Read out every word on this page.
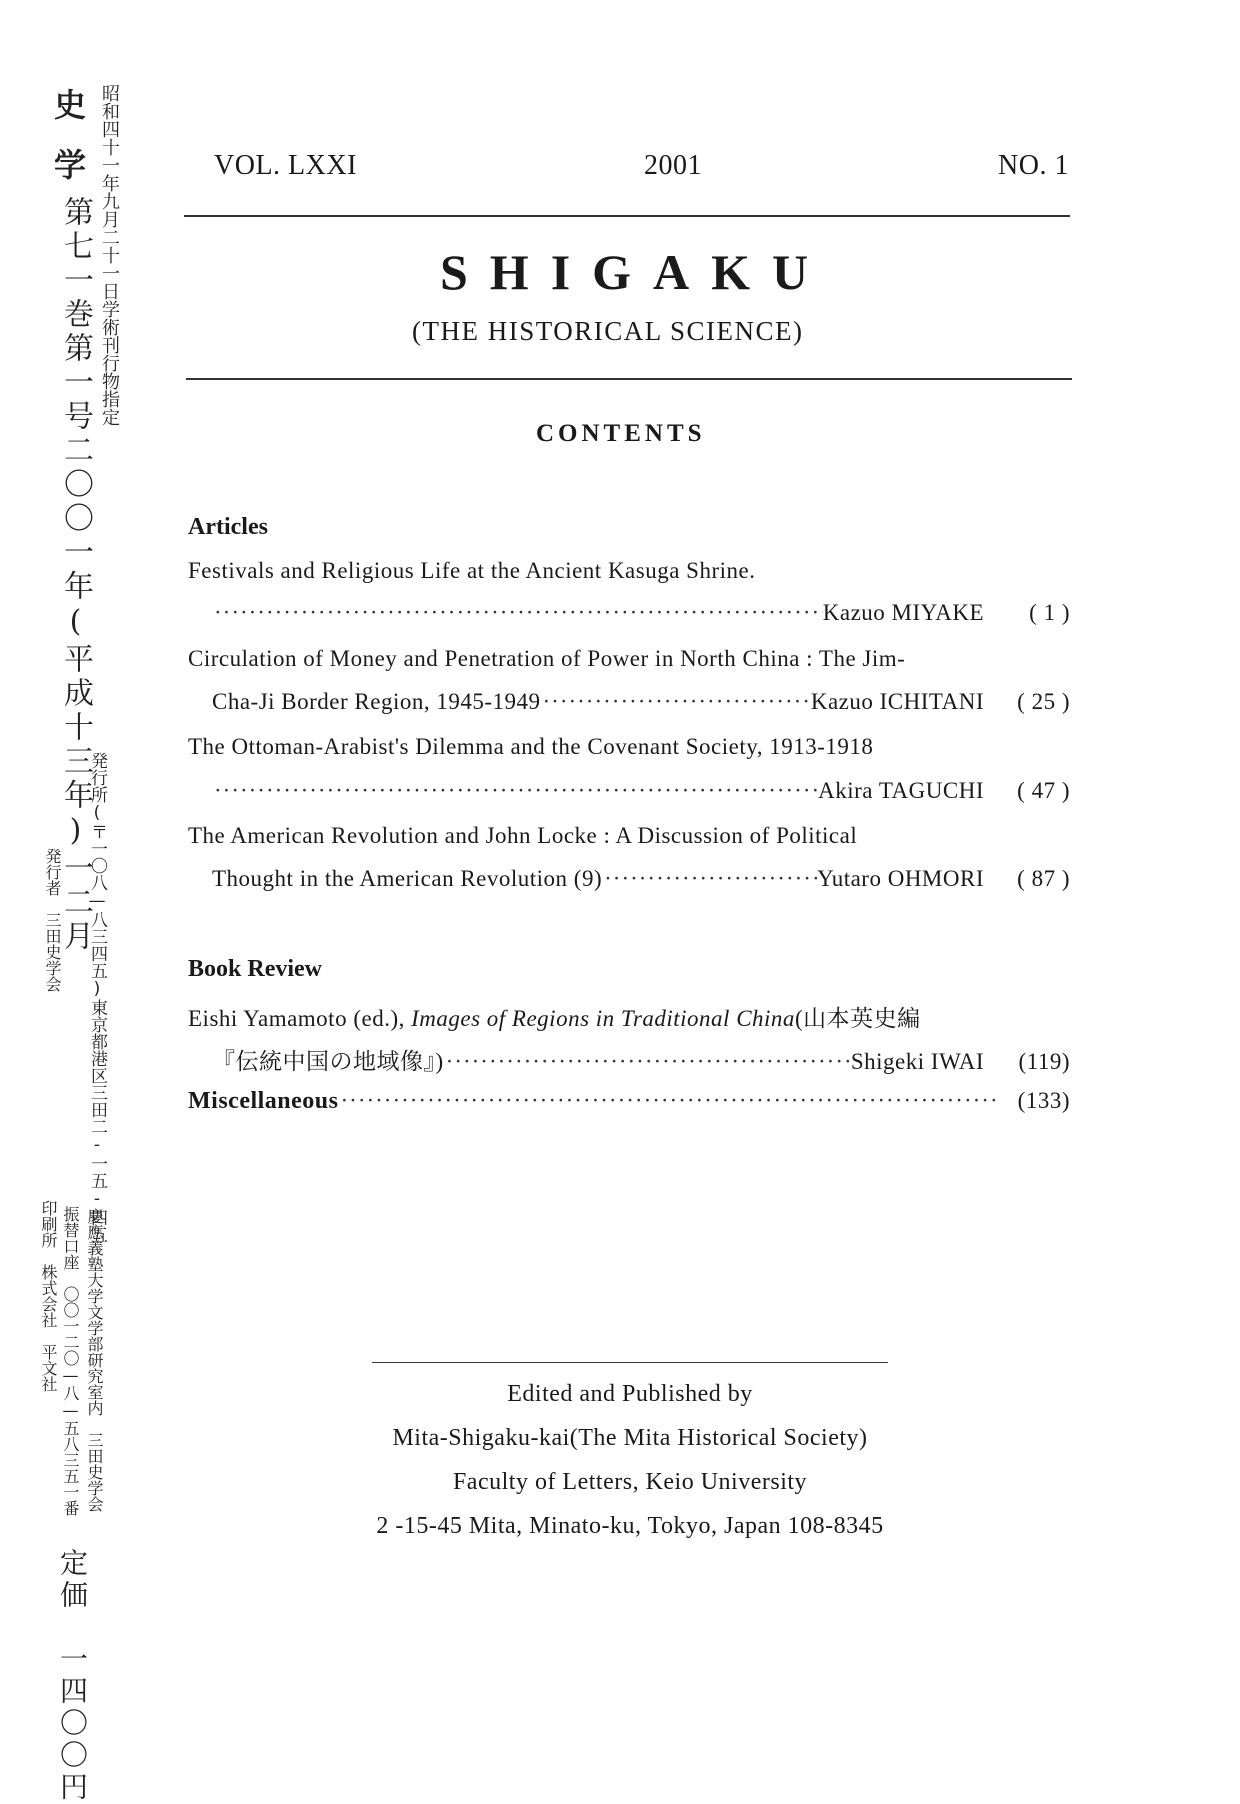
史学 昭和四十一年九月二十一日学術刊行物指定
第七一巻第一号二〇〇一年(平成十三年)一二月
発行所(〒一〇八—八三四五)東京都港区三田二-一五-四五
発行者　三田史学会
慶應義塾大学文学部研究室内　三田史学会
振替口座　〇〇一二〇—八—五八三五一番
印刷所　株式会社　平文社
定価　一四〇〇円
VOL. LXXI	2001	NO. 1
SHIGAKU
(THE HISTORICAL SCIENCE)
CONTENTS
Articles
Festivals and Religious Life at the Ancient Kasuga Shrine.
·····
Kazuo MIYAKE	( 1 )
Circulation of Money and Penetration of Power in North China : The Jim-
Cha-Ji Border Region, 1945-1949 ·····	Kazuo ICHITANI	( 25 )
The Ottoman-Arabist's Dilemma and the Covenant Society, 1913-1918
·····
Akira TAGUCHI	( 47 )
The American Revolution and John Locke : A Discussion of Political
Thought in the American Revolution (9) ·····	Yutaro OHMORI	( 87 )
Book Review
Eishi Yamamoto (ed.), Images of Regions in Traditional China(山本英史編
『伝統中国の地域像』) ·····	Shigeki IWAI	(119)
Miscellaneous ·····	(133)
Edited and Published by
Mita-Shigaku-kai(The Mita Historical Society)
Faculty of Letters, Keio University
2 -15-45 Mita, Minato-ku, Tokyo, Japan 108-8345
